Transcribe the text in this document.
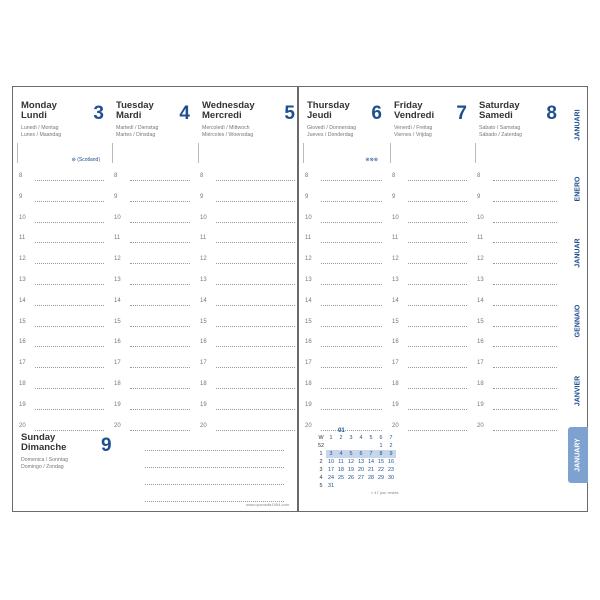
Monday
Lundi	3
Lunedì / Montag
Lunes / Maandag
⊛ (Scotland)
8
9
10
11
12
13
14
15
16
17
18
19
20
Tuesday
Mardi	4
Martedì / Dienstag
Martes / Dinsdag
8
9
10
11
12
13
14
15
16
17
18
19
20
Wednesday
Mercredi	5
Mercoledì / Mittwoch
Miércoles / Woensdag
8
9
10
11
12
13
14
15
16
17
18
19
20
Sunday
Dimanche 9
Domenica / Sonntag
Domingo / Zondag
www.quovadis1954.com
Thursday
Jeudi	6
Giovedì / Donnerstag
Jueves / Donderdag
⊗⊗⊗
8
9
10
11
12
13
14
15
16
17
18
19
20
Friday
Vendredi 7
Venerdì / Freitag
Viernes / Vrijdag
8
9
10
11
12
13
14
15
16
17
18
19
20
Saturday
Samedi	8
Sabato / Samstag
Sábado / Zaterdag
8
9
10
11
12
13
14
15
16
17
18
19
20
≈ 47 jour restés
JANUARI
ENERO
JANUAR
GENNAIO
JANVIER
JANUARY
01
W	1	2	3	4	5	6	7
52						1	2
1	3	4	5	6	7	8	9
2	10	11	12	13	14	15	16
3	17	18	19	20	21	22	23
4	24	25	26	27	28	29	30
5	31						
